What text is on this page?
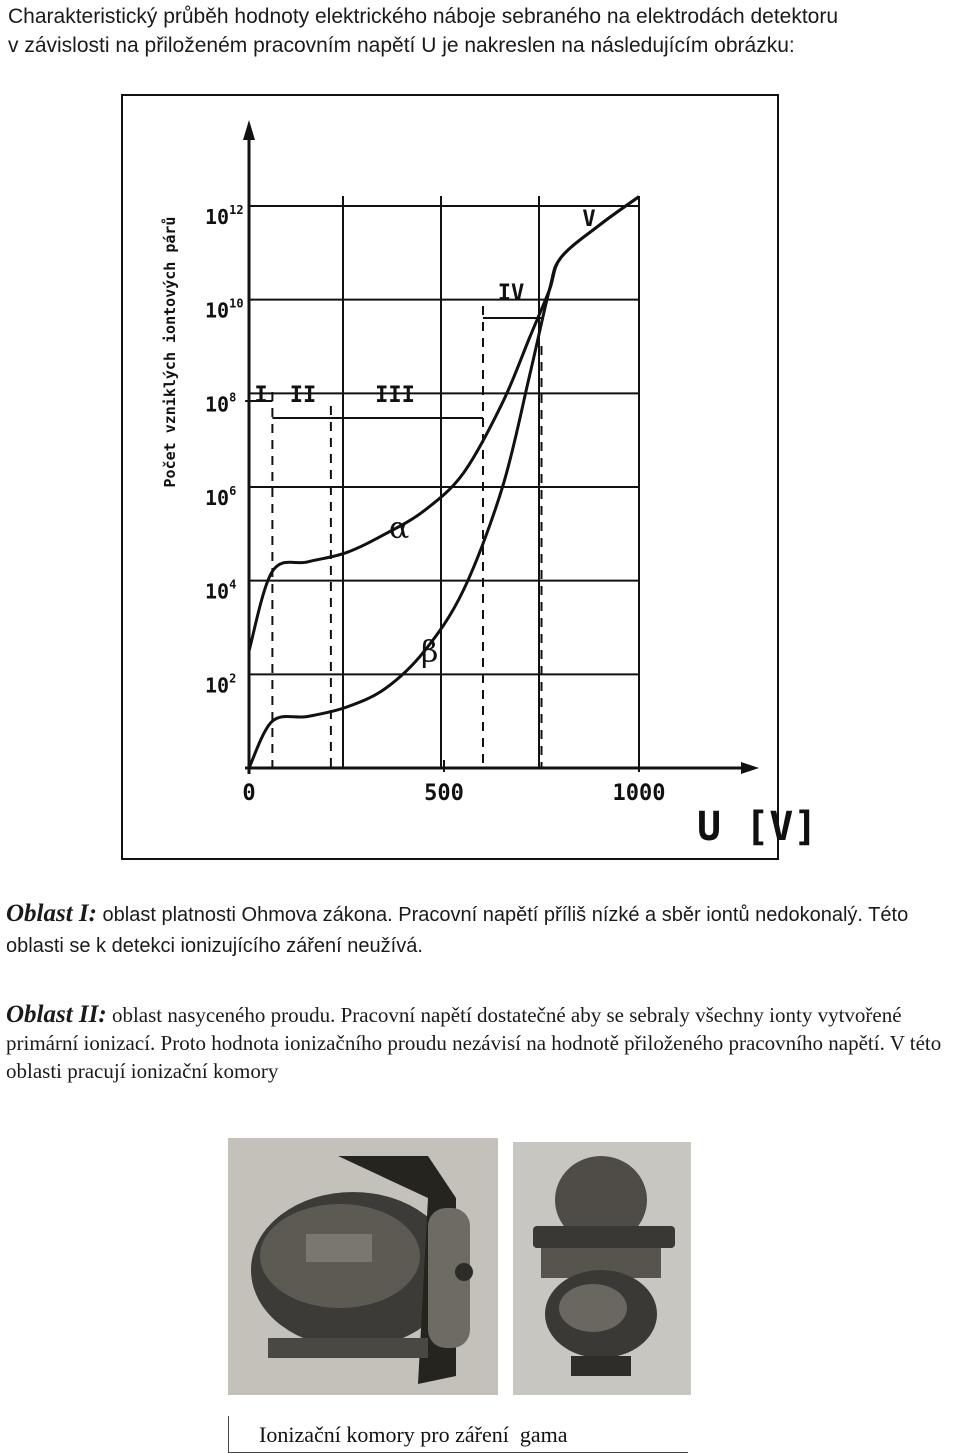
Charakteristický průběh hodnoty elektrického náboje sebraného na elektrodách detektoru
v závislosti na přiloženém pracovním napětí U je nakreslen na následujícím obrázku:
I II	III
IV
V
$10^2$
$10^4$
$10^6$
$10^8$
$10^{10}$
$10^{12}$
0	500	1000
α
β
Počet vzniklých iontových párů
U [V]
Oblast I: oblast platnosti Ohmova zákona. Pracovní napětí příliš nízké a sběr iontů nedokonalý. Této oblasti se k detekci ionizujícího záření neužívá.
Oblast II: oblast nasyceného proudu. Pracovní napětí dostatečné aby se sebraly všechny ionty vytvořené primární ionizací. Proto hodnota ionizačního proudu nezávisí na hodnotě přiloženého pracovního napětí. V této oblasti pracují ionizační komory
Ionizační komory pro záření  gama
